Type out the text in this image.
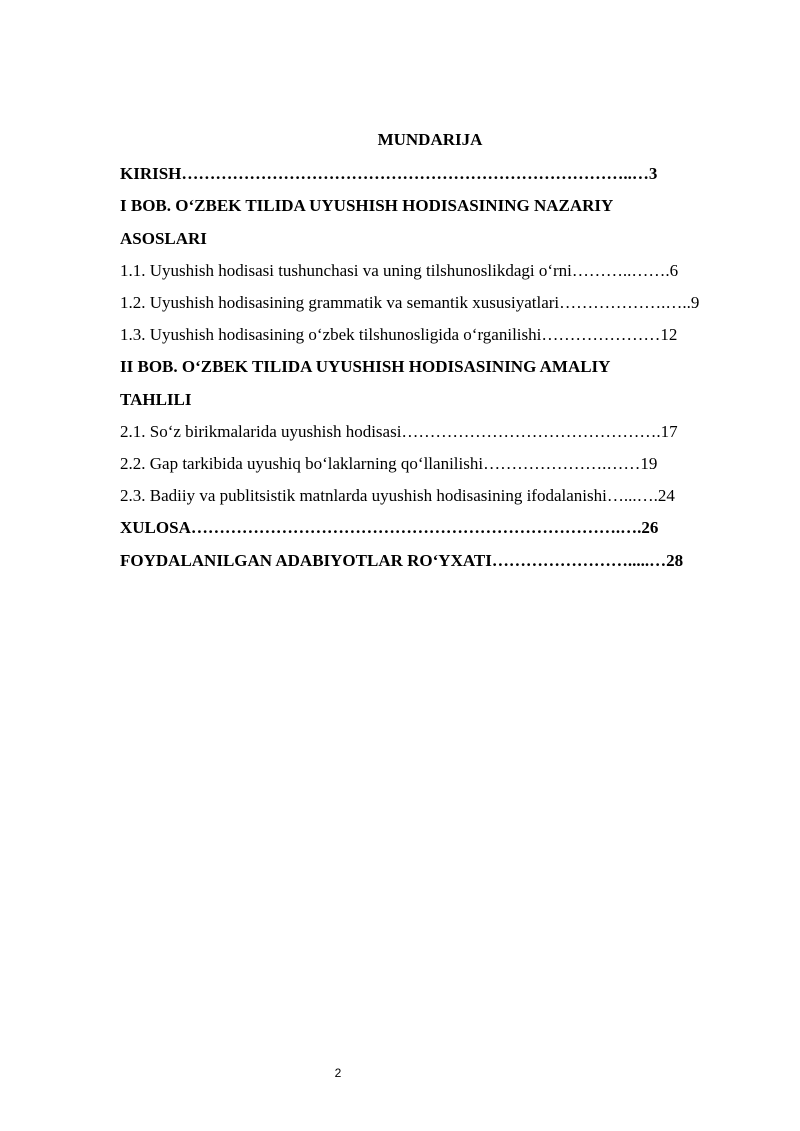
MUNDARIJA
KIRISH……………………………………………………………………..…3
I BOB. O‘ZBEK TILIDA UYUSHISH HODISASINING NAZARIY
ASOSLARI
1.1. Uyushish hodisasi tushunchasi va uning tilshunoslikdagi o‘rni………..…….6
1.2. Uyushish hodisasining grammatik va semantik xususiyatlari……………….…..9
1.3. Uyushish hodisasining o‘zbek tilshunosligida o‘rganilishi…………………12
II BOB. O‘ZBEK TILIDA UYUSHISH HODISASINING AMALIY
TAHLILI
2.1. So‘z birikmalarida uyushish hodisasi……………………………………….17
2.2. Gap tarkibida uyushiq bo‘laklarning qo‘llanilishi………………….……19
2.3. Badiiy va publitsistik matnlarda uyushish hodisasining ifodalanishi…...….24
XULOSA………………………………………………………………….….26
FOYDALANILGAN ADABIYOTLAR RO‘YXATI…………………….....…28
2
